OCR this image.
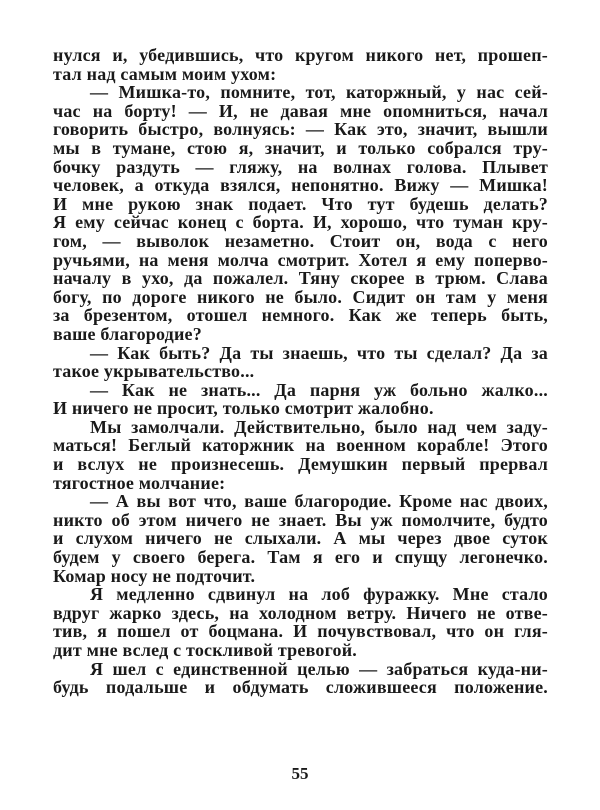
нулся и, убедившись, что кругом никого нет, прошеп-
тал над самым моим ухом:
— Мишка-то, помните, тот, каторжный, у нас сей-
час на борту! — И, не давая мне опомниться, начал
говорить быстро, волнуясь: — Как это, значит, вышли
мы в тумане, стою я, значит, и только собрался тру-
бочку раздуть — гляжу, на волнах голова. Плывет
человек, а откуда взялся, непонятно. Вижу — Мишка!
И мне рукою знак подает. Что тут будешь делать?
Я ему сейчас конец с борта. И, хорошо, что туман кру-
гом, — выволок незаметно. Стоит он, вода с него
ручьями, на меня молча смотрит. Хотел я ему поперво-
началу в ухо, да пожалел. Тяну скорее в трюм. Слава
богу, по дороге никого не было. Сидит он там у меня
за брезентом, отошел немного. Как же теперь быть,
ваше благородие?
— Как быть? Да ты знаешь, что ты сделал? Да за
такое укрывательство...
— Как не знать... Да парня уж больно жалко...
И ничего не просит, только смотрит жалобно.
Мы замолчали. Действительно, было над чем заду-
маться! Беглый каторжник на военном корабле! Этого
и вслух не произнесешь. Демушкин первый прервал
тягостное молчание:
— А вы вот что, ваше благородие. Кроме нас двоих,
никто об этом ничего не знает. Вы уж помолчите, будто
и слухом ничего не слыхали. А мы через двое суток
будем у своего берега. Там я его и спущу легонечко.
Комар носу не подточит.
Я медленно сдвинул на лоб фуражку. Мне стало
вдруг жарко здесь, на холодном ветру. Ничего не отве-
тив, я пошел от боцмана. И почувствовал, что он гля-
дит мне вслед с тоскливой тревогой.
Я шел с единственной целью — забраться куда-ни-
будь подальше и обдумать сложившееся положение.
55
